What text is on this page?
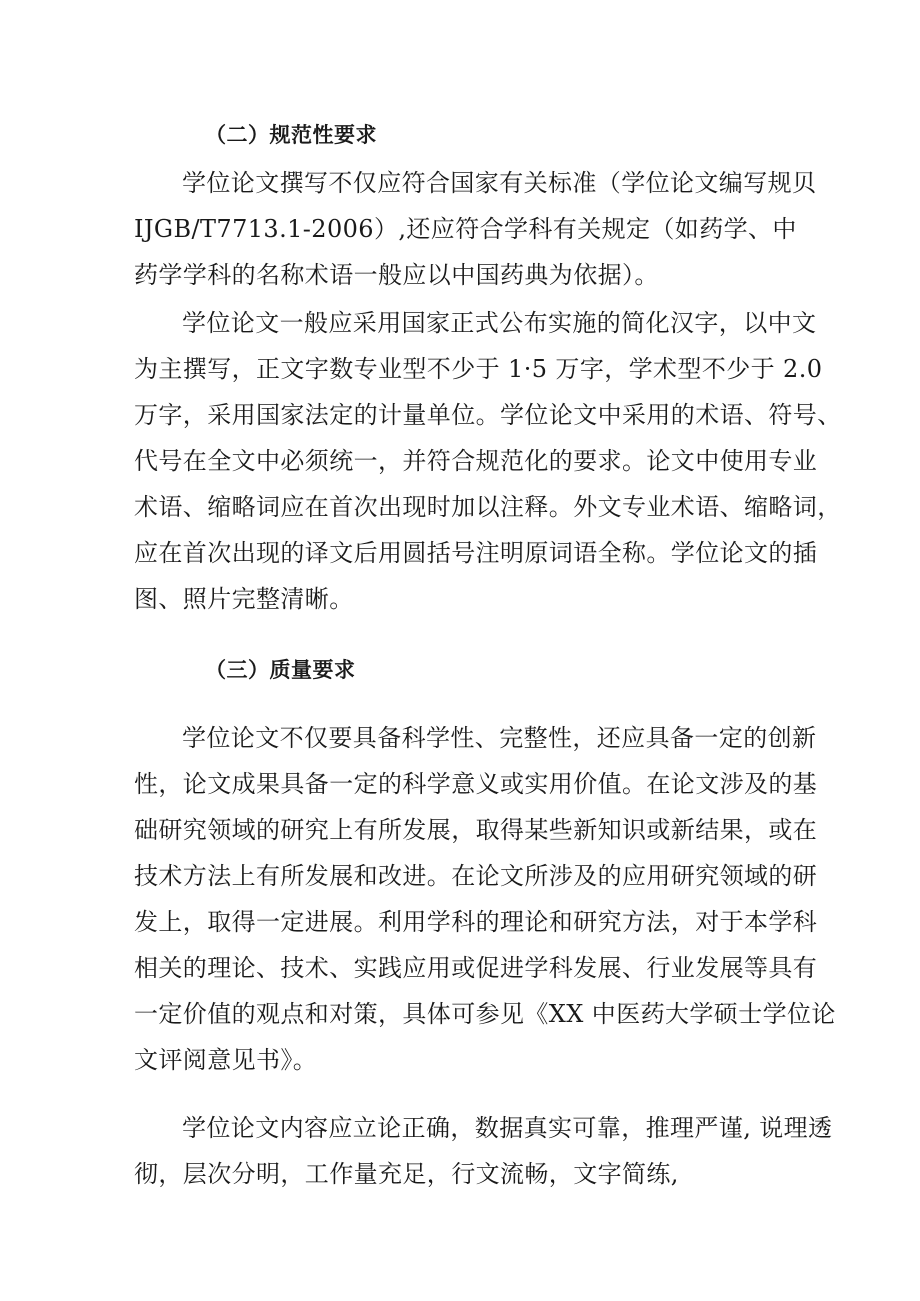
（二）规范性要求

学位论文撰写不仅应符合国家有关标准（学位论文编写规贝
IJGB/T7713.1-2006）,还应符合学科有关规定（如药学、中
药学学科的名称术语一般应以中国药典为依据）。

学位论文一般应采用国家正式公布实施的简化汉字，以中文
为主撰写，正文字数专业型不少于 1·5 万字，学术型不少于 2.0
万字，采用国家法定的计量单位。学位论文中采用的术语、符号、
代号在全文中必须统一，并符合规范化的要求。论文中使用专业
术语、缩略词应在首次出现时加以注释。外文专业术语、缩略词，
应在首次出现的译文后用圆括号注明原词语全称。学位论文的插
图、照片完整清晰。

（三）质量要求

学位论文不仅要具备科学性、完整性，还应具备一定的创新
性，论文成果具备一定的科学意义或实用价值。在论文涉及的基
础研究领域的研究上有所发展，取得某些新知识或新结果，或在
技术方法上有所发展和改进。在论文所涉及的应用研究领域的研
发上，取得一定进展。利用学科的理论和研究方法，对于本学科
相关的理论、技术、实践应用或促进学科发展、行业发展等具有
一定价值的观点和对策，具体可参见《XX 中医药大学硕士学位论
文评阅意见书》。

学位论文内容应立论正确，数据真实可靠，推理严谨, 说理透
彻，层次分明，工作量充足，行文流畅，文字简练,
